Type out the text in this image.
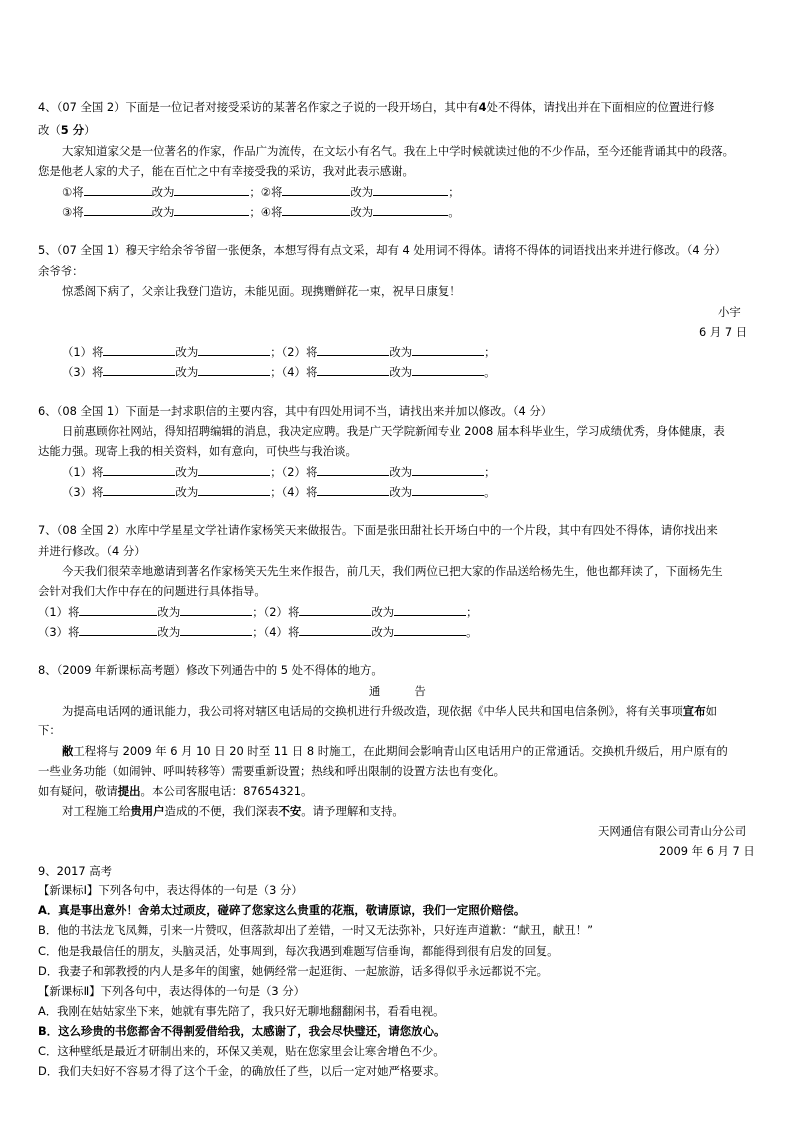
4、（07 全国 2）下面是一位记者对接受采访的某著名作家之子说的一段开场白，其中有4处不得体，请找出并在下面相应的位置进行修
改（5 分）
大家知道家父是一位著名的作家，作品广为流传，在文坛小有名气。我在上中学时候就读过他的不少作品，至今还能背诵其中的段落。
您是他老人家的犬子，能在百忙之中有幸接受我的采访，我对此表示感谢。
①将	改为	；②将	改为	；
③将	改为	；④将	改为	。
5、（07 全国 1）穆天宇给余爷爷留一张便条，本想写得有点文采，却有 4 处用词不得体。请将不得体的词语找出来并进行修改。（4 分）
余爷爷：
惊悉阁下病了，父亲让我登门造访，未能见面。现携赠鲜花一束，祝早日康复！
小宇
6 月 7 日
（1）将	改为	；（2）将	改为	；
（3）将	改为	；（4）将	改为	。
6、（08 全国 1）下面是一封求职信的主要内容，其中有四处用词不当，请找出来并加以修改。（4 分）
日前惠顾你社网站，得知招聘编辑的消息，我决定应聘。我是广天学院新闻专业 2008 届本科毕业生，学习成绩优秀，身体健康，表
达能力强。现寄上我的相关资料，如有意向，可快些与我治谈。
（1）将	改为	；（2）将	改为	；
（3）将	改为	；（4）将	改为	。
7、（08 全国 2）水库中学星星文学社请作家杨笑天来做报告。下面是张田甜社长开场白中的一个片段，其中有四处不得体，请你找出来
并进行修改。（4 分）
今天我们很荣幸地邀请到著名作家杨笑天先生来作报告，前几天，我们两位已把大家的作品送给杨先生，他也都拜读了，下面杨先生
会针对我们大作中存在的问题进行具体指导。
（1）将	改为	；（2）将	改为	；
（3）将	改为	；（4）将	改为	。
8、（2009 年新课标高考题）修改下列通告中的 5 处不得体的地方。
通	告
为提高电话网的通讯能力，我公司将对辖区电话局的交换机进行升级改造，现依据《中华人民共和国电信条例》，将有关事项宣布如
下：
敝工程将与 2009 年 6 月 10 日 20 时至 11 日 8 时施工，在此期间会影响青山区电话用户的正常通话。交换机升级后，用户原有的
一些业务功能（如闹钟、呼叫转移等）需要重新设置；热线和呼出限制的设置方法也有变化。
如有疑问，敬请提出。本公司客服电话：87654321。
对工程施工给贵用户造成的不便，我们深表不安。请予理解和支持。
天网通信有限公司青山分公司
2009 年 6 月 7 日
9、2017 高考
【新课标Ⅰ】下列各句中，表达得体的一句是（3 分）
A．真是事出意外！舍弟太过顽皮，碰碎了您家这么贵重的花瓶，敬请原谅，我们一定照价赔偿。
B．他的书法龙飞凤舞，引来一片赞叹，但落款却出了差错，一时又无法弥补，只好连声道歉：“献丑，献丑！”
C．他是我最信任的朋友，头脑灵活，处事周到，每次我遇到难题写信垂询，都能得到很有启发的回复。
D．我妻子和郭教授的内人是多年的闺蜜，她俩经常一起逛街、一起旅游，话多得似乎永远都说不完。
【新课标Ⅱ】下列各句中，表达得体的一句是（3 分）
A．我刚在姑姑家坐下来，她就有事先陪了，我只好无聊地翻翻闲书，看看电视。
B．这么珍贵的书您都舍不得割爱借给我，太感谢了，我会尽快璧还，请您放心。
C．这种壁纸是最近才研制出来的，环保又美观，贴在您家里会让寒舍增色不少。
D．我们夫妇好不容易才得了这个千金，的确放任了些，以后一定对她严格要求。
